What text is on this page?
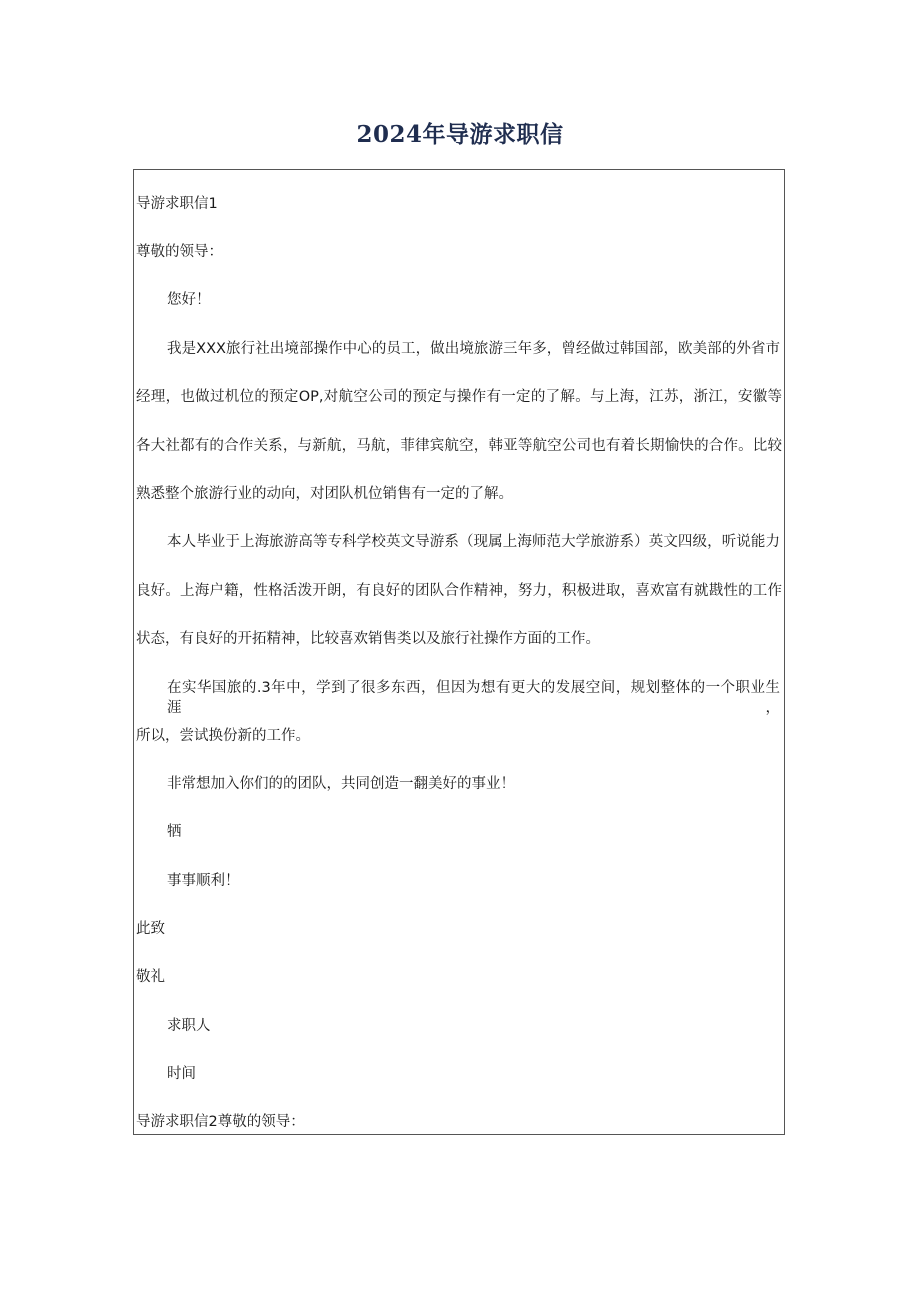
2024年导游求职信
导游求职信1
尊敬的领导：
您好！
我是XXX旅行社出境部操作中心的员工，做出境旅游三年多，曾经做过韩国部，欧美部的外省市
经理，也做过机位的预定OP,对航空公司的预定与操作有一定的了解。与上海，江苏，浙江，安徽等
各大社都有的合作关系，与新航，马航，菲律宾航空，韩亚等航空公司也有着长期愉快的合作。比较
熟悉整个旅游行业的动向，对团队机位销售有一定的了解。
本人毕业于上海旅游高等专科学校英文导游系（现属上海师范大学旅游系）英文四级，听说能力
良好。上海户籍，性格活泼开朗，有良好的团队合作精神，努力，积极进取，喜欢富有就戡性的工作
状态，有良好的开拓精神，比较喜欢销售类以及旅行社操作方面的工作。
在实华国旅的.3年中，学到了很多东西，但因为想有更大的发展空间，规划整体的一个职业生涯，
所以，尝试换份新的工作。
非常想加入你们的的团队，共同创造一翻美好的事业！
牺
事事顺利！
此致
敬礼
求职人
时间
导游求职信2尊敬的领导：
